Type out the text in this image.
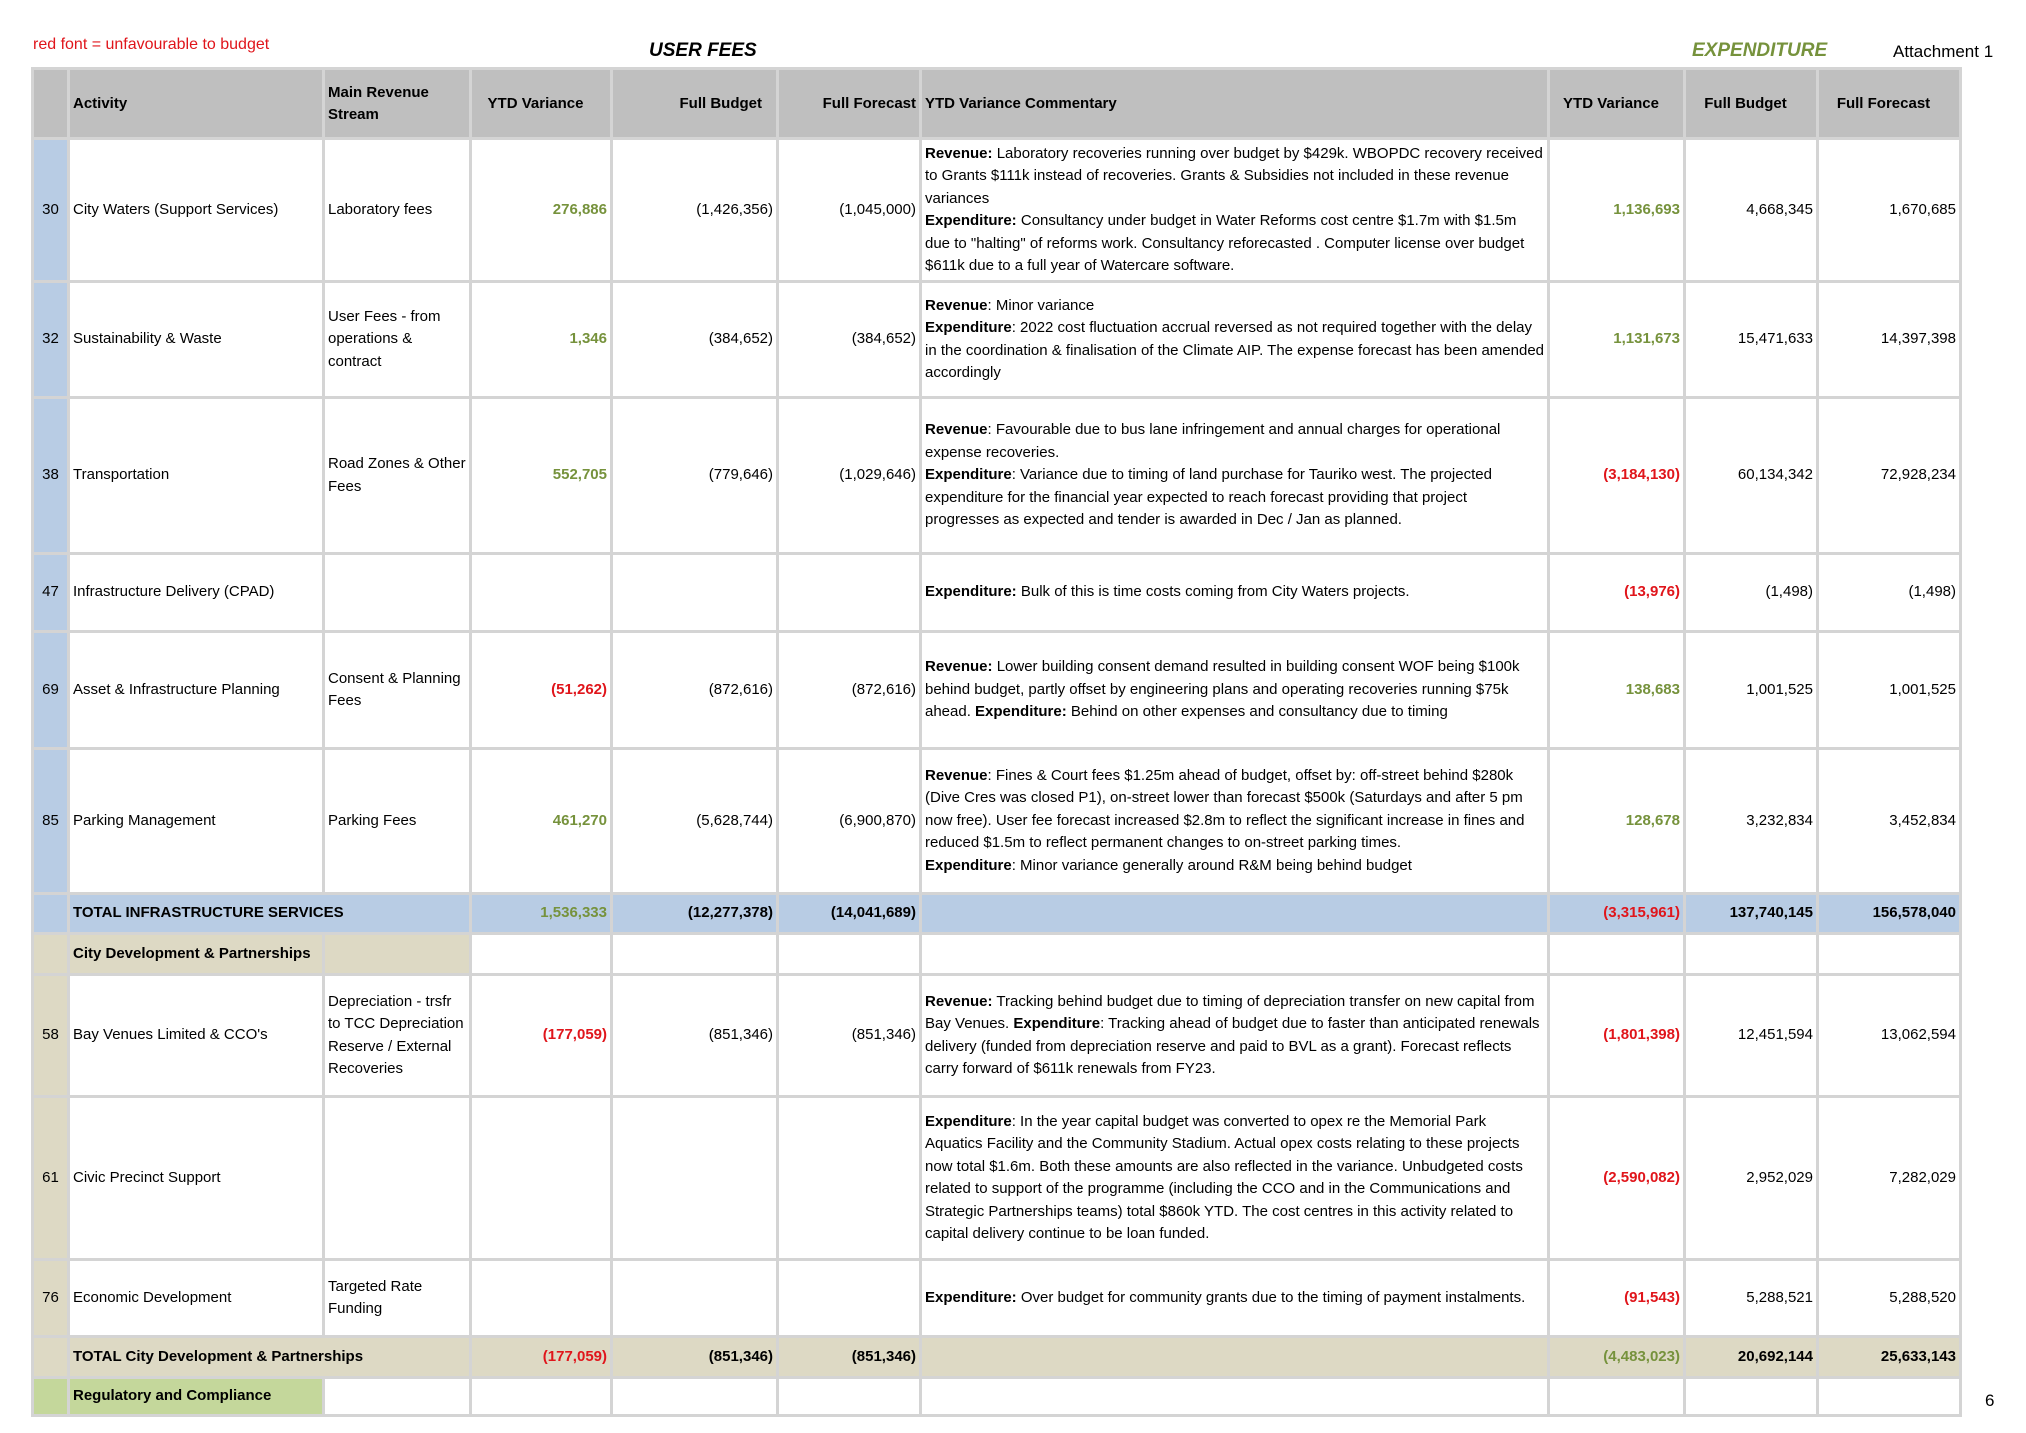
red font = unfavourable to budget	USER FEES	EXPENDITURE	Attachment 1
	Activity	Main Revenue Stream	YTD Variance	Full Budget	Full Forecast	YTD Variance Commentary	YTD Variance	Full Budget	Full Forecast
30	City Waters (Support Services)	Laboratory fees	276,886	(1,426,356)	(1,045,000)	Revenue: Laboratory recoveries running over budget by $429k. WBOPDC recovery received to Grants $111k instead of recoveries. Grants & Subsidies not included in these revenue variances
Expenditure: Consultancy under budget in Water Reforms cost centre $1.7m with $1.5m due to "halting" of reforms work. Consultancy reforecasted . Computer license over budget $611k due to a full year of Watercare software.	1,136,693	4,668,345	1,670,685
32	Sustainability & Waste	User Fees - from operations & contract	1,346	(384,652)	(384,652)	Revenue: Minor variance
Expenditure: 2022 cost fluctuation accrual reversed as not required together with the delay in the coordination & finalisation of the Climate AIP. The expense forecast has been amended accordingly	1,131,673	15,471,633	14,397,398
38	Transportation	Road Zones & Other Fees	552,705	(779,646)	(1,029,646)	Revenue: Favourable due to bus lane infringement and annual charges for operational expense recoveries.
Expenditure: Variance due to timing of land purchase for Tauriko west. The projected expenditure for the financial year expected to reach forecast providing that project progresses as expected and tender is awarded in Dec / Jan as planned.	(3,184,130)	60,134,342	72,928,234
47	Infrastructure Delivery (CPAD)					Expenditure: Bulk of this is time costs coming from City Waters projects.	(13,976)	(1,498)	(1,498)
69	Asset & Infrastructure Planning	Consent & Planning Fees	(51,262)	(872,616)	(872,616)	Revenue: Lower building consent demand resulted in building consent WOF being $100k behind budget, partly offset by engineering plans and operating recoveries running $75k ahead. Expenditure: Behind on other expenses and consultancy due to timing	138,683	1,001,525	1,001,525
85	Parking Management	Parking Fees	461,270	(5,628,744)	(6,900,870)	Revenue: Fines & Court fees $1.25m ahead of budget, offset by: off-street behind $280k (Dive Cres was closed P1), on-street lower than forecast $500k (Saturdays and after 5 pm now free). User fee forecast increased $2.8m to reflect the significant increase in fines and reduced $1.5m to reflect permanent changes to on-street parking times.
Expenditure: Minor variance generally around R&M being behind budget	128,678	3,232,834	3,452,834
	TOTAL INFRASTRUCTURE SERVICES		1,536,333	(12,277,378)	(14,041,689)		(3,315,961)	137,740,145	156,578,040
	City Development & Partnerships								
58	Bay Venues Limited & CCO's	Depreciation - trsfr to TCC Depreciation Reserve / External Recoveries	(177,059)	(851,346)	(851,346)	Revenue: Tracking behind budget due to timing of depreciation transfer on new capital from Bay Venues. Expenditure: Tracking ahead of budget due to faster than anticipated renewals delivery (funded from depreciation reserve and paid to BVL as a grant). Forecast reflects carry forward of $611k renewals from FY23.	(1,801,398)	12,451,594	13,062,594
61	Civic Precinct Support					Expenditure: In the year capital budget was converted to opex re the Memorial Park Aquatics Facility and the Community Stadium. Actual opex costs relating to these projects now total $1.6m. Both these amounts are also reflected in the variance. Unbudgeted costs related to support of the programme (including the CCO and in the Communications and Strategic Partnerships teams) total $860k YTD. The cost centres in this activity related to capital delivery continue to be loan funded.	(2,590,082)	2,952,029	7,282,029
76	Economic Development	Targeted Rate Funding				Expenditure: Over budget for community grants due to the timing of payment instalments.	(91,543)	5,288,521	5,288,520
	TOTAL City Development & Partnerships		(177,059)	(851,346)	(851,346)		(4,483,023)	20,692,144	25,633,143
	Regulatory and Compliance									6
